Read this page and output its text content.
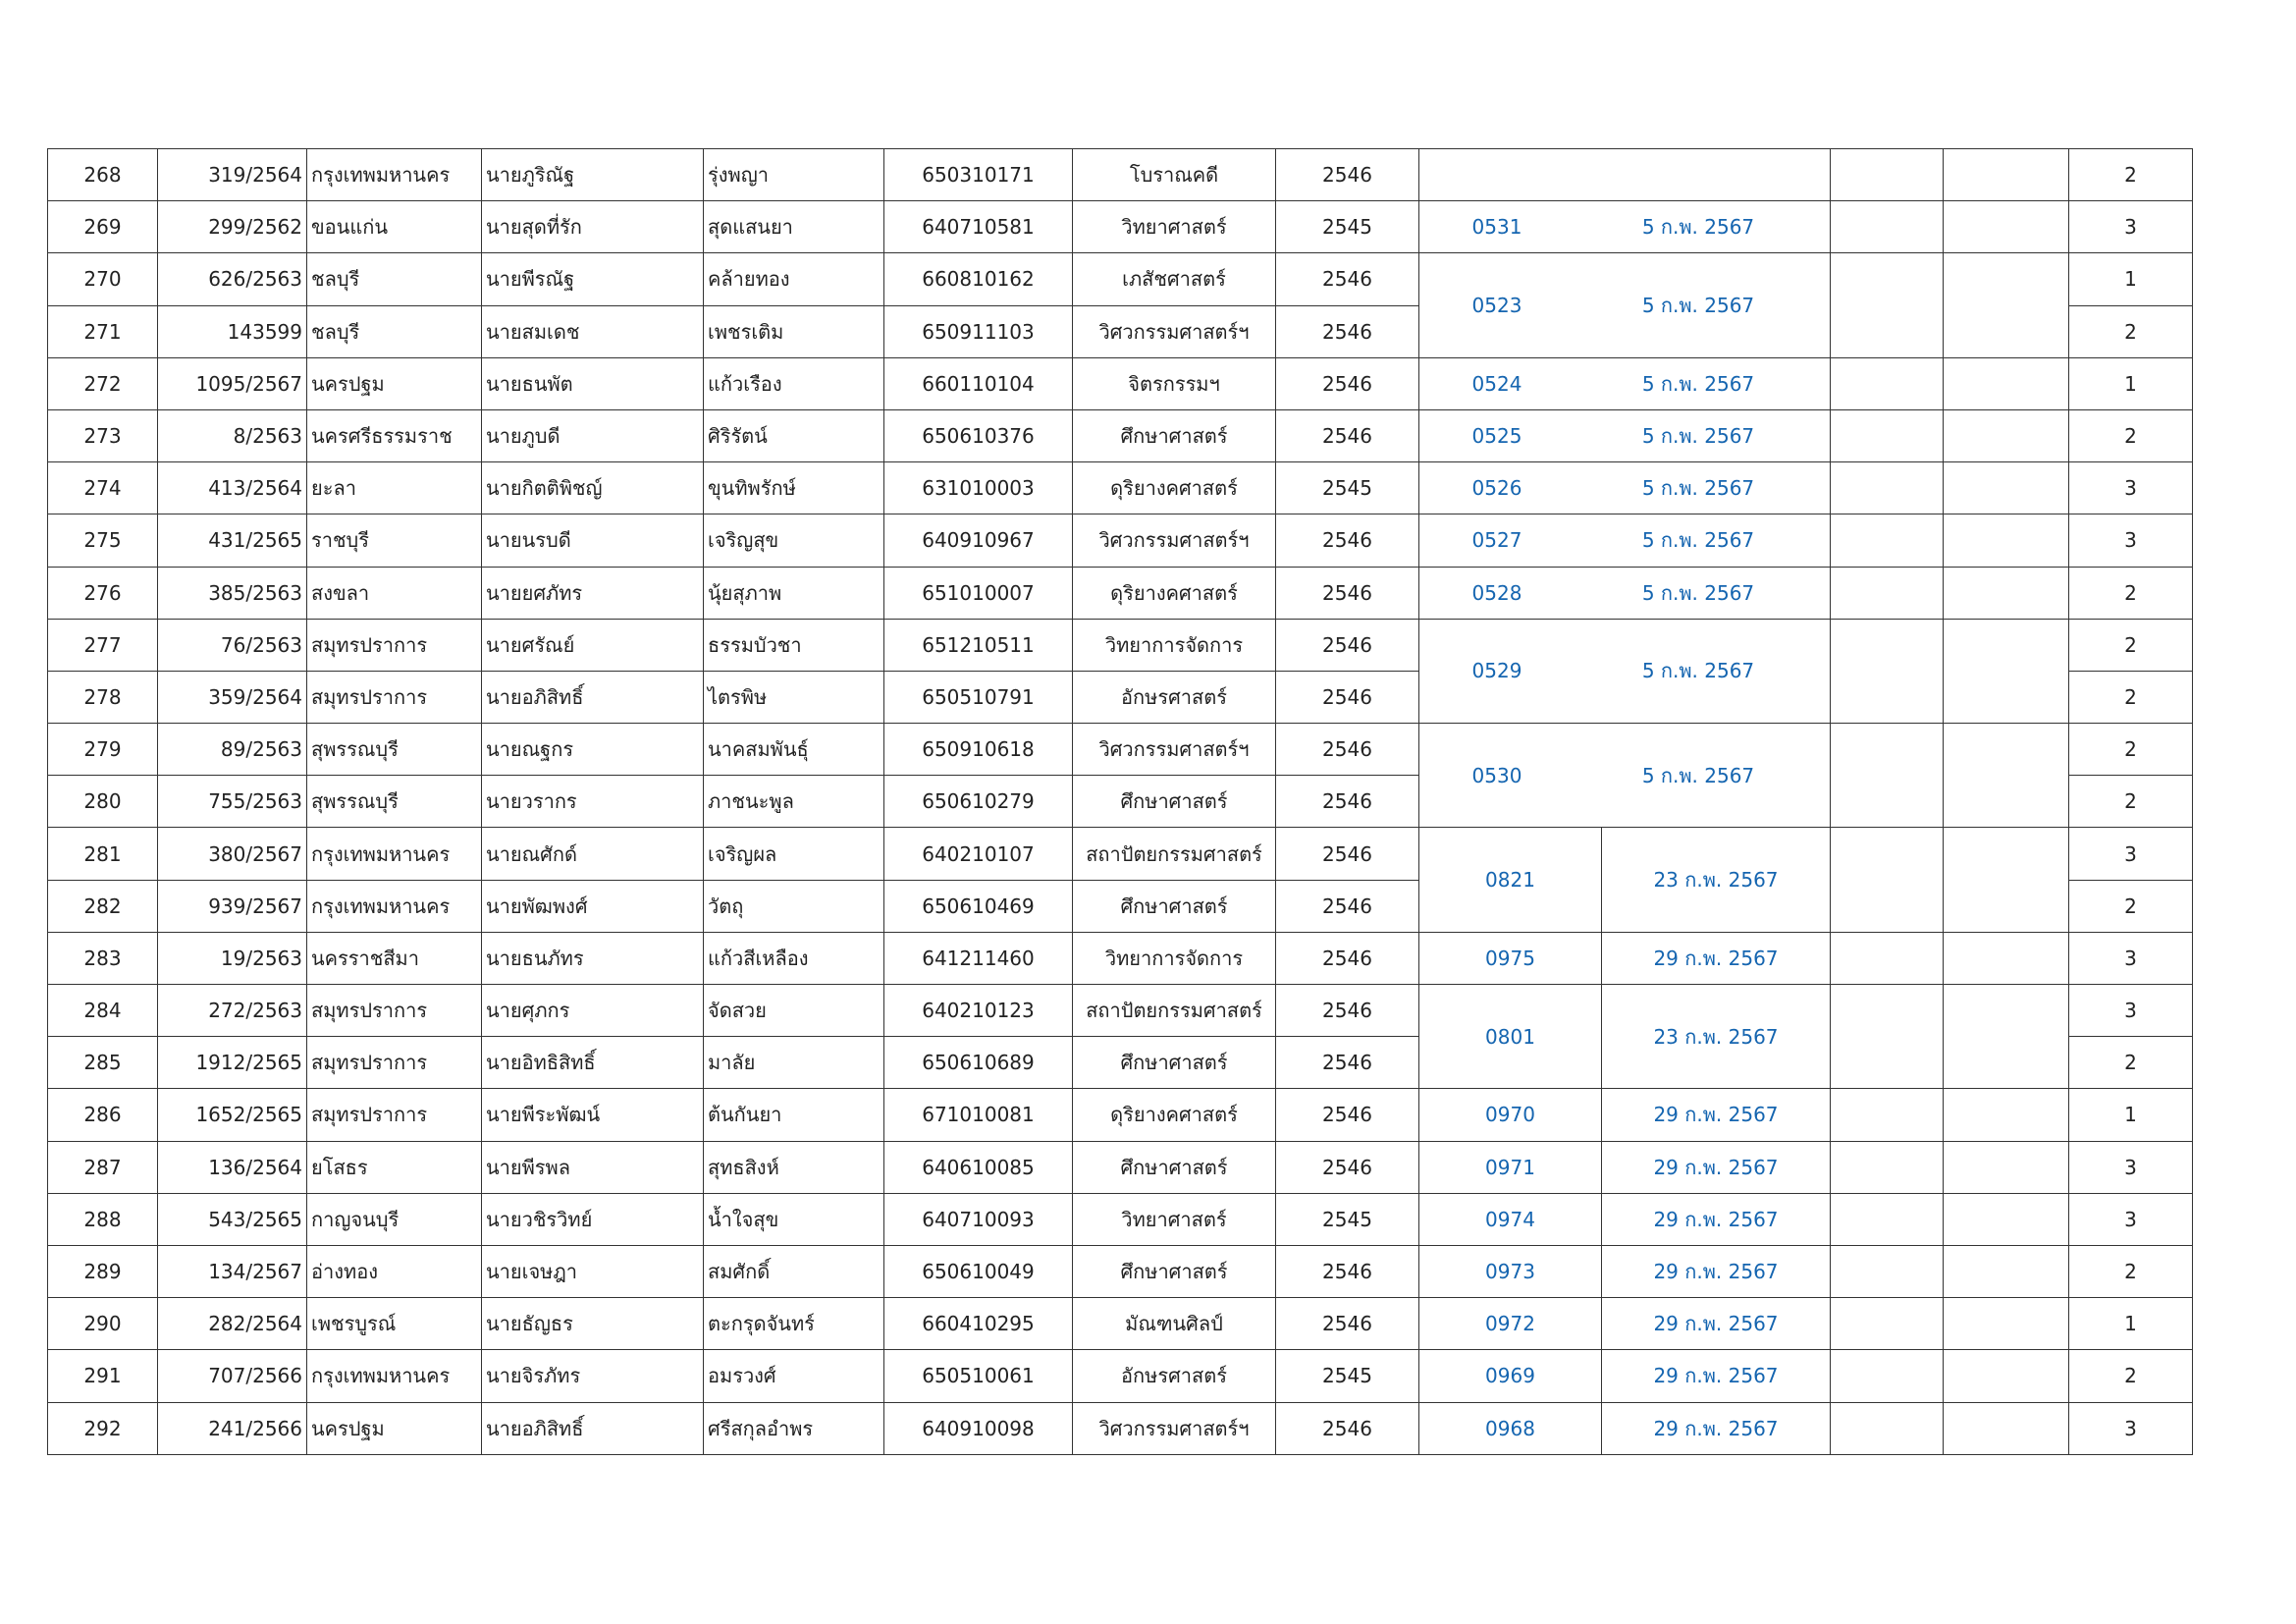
268	319/2564	กรุงเทพมหานคร	นายภูริณัฐ	รุ่งพญา	650310171	โบราณคดี	2546					2
269	299/2562	ขอนแก่น	นายสุดที่รัก	สุดแสนยา	640710581	วิทยาศาสตร์	2545	0531 5 ก.พ. 2567				3
270	626/2563	ชลบุรี	นายพีรณัฐ	คล้ายทอง	660810162	เภสัชศาสตร์	2546	0523 5 ก.พ. 2567				1
271	143599	ชลบุรี	นายสมเดช	เพชรเติม	650911103	วิศวกรรมศาสตร์ฯ	2546					2
272	1095/2567	นครปฐม	นายธนพัต	แก้วเรือง	660110104	จิตรกรรมฯ	2546	0524 5 ก.พ. 2567				1
273	8/2563	นครศรีธรรมราช	นายภูบดี	ศิริรัตน์	650610376	ศึกษาศาสตร์	2546	0525 5 ก.พ. 2567				2
274	413/2564	ยะลา	นายกิตติพิชญ์	ขุนทิพรักษ์	631010003	ดุริยางคศาสตร์	2545	0526 5 ก.พ. 2567				3
275	431/2565	ราชบุรี	นายนรบดี	เจริญสุข	640910967	วิศวกรรมศาสตร์ฯ	2546	0527 5 ก.พ. 2567				3
276	385/2563	สงขลา	นายยศภัทร	นุ้ยสุภาพ	651010007	ดุริยางคศาสตร์	2546	0528 5 ก.พ. 2567				2
277	76/2563	สมุทรปราการ	นายศรัณย์	ธรรมบัวชา	651210511	วิทยาการจัดการ	2546	0529 5 ก.พ. 2567				2
278	359/2564	สมุทรปราการ	นายอภิสิทธิ์	ไตรพิษ	650510791	อักษรศาสตร์	2546					2
279	89/2563	สุพรรณบุรี	นายณฐกร	นาคสมพันธุ์	650910618	วิศวกรรมศาสตร์ฯ	2546	0530 5 ก.พ. 2567				2
280	755/2563	สุพรรณบุรี	นายวรากร	ภาชนะพูล	650610279	ศึกษาศาสตร์	2546					2
281	380/2567	กรุงเทพมหานคร	นายณศักด์	เจริญผล	640210107	สถาปัตยกรรมศาสตร์	2546	0821	23 ก.พ. 2567			3
282	939/2567	กรุงเทพมหานคร	นายพัฒพงศ์	วัตถุ	650610469	ศึกษาศาสตร์	2546					2
283	19/2563	นครราชสีมา	นายธนภัทร	แก้วสีเหลือง	641211460	วิทยาการจัดการ	2546	0975	29 ก.พ. 2567			3
284	272/2563	สมุทรปราการ	นายศุภกร	จัดสวย	640210123	สถาปัตยกรรมศาสตร์	2546	0801	23 ก.พ. 2567			3
285	1912/2565	สมุทรปราการ	นายอิทธิสิทธิ์	มาลัย	650610689	ศึกษาศาสตร์	2546					2
286	1652/2565	สมุทรปราการ	นายพีระพัฒน์	ต้นกันยา	671010081	ดุริยางคศาสตร์	2546	0970	29 ก.พ. 2567			1
287	136/2564	ยโสธร	นายพีรพล	สุทธสิงห์	640610085	ศึกษาศาสตร์	2546	0971	29 ก.พ. 2567			3
288	543/2565	กาญจนบุรี	นายวชิรวิทย์	น้ำใจสุข	640710093	วิทยาศาสตร์	2545	0974	29 ก.พ. 2567			3
289	134/2567	อ่างทอง	นายเจษฎา	สมศักดิ์	650610049	ศึกษาศาสตร์	2546	0973	29 ก.พ. 2567			2
290	282/2564	เพชรบูรณ์	นายธัญธร	ตะกรุดจันทร์	660410295	มัณฑนศิลป์	2546	0972	29 ก.พ. 2567			1
291	707/2566	กรุงเทพมหานคร	นายจิรภัทร	อมรวงศ์	650510061	อักษรศาสตร์	2545	0969	29 ก.พ. 2567			2
292	241/2566	นครปฐม	นายอภิสิทธิ์	ศรีสกุลอำพร	640910098	วิศวกรรมศาสตร์ฯ	2546	0968	29 ก.พ. 2567			3
